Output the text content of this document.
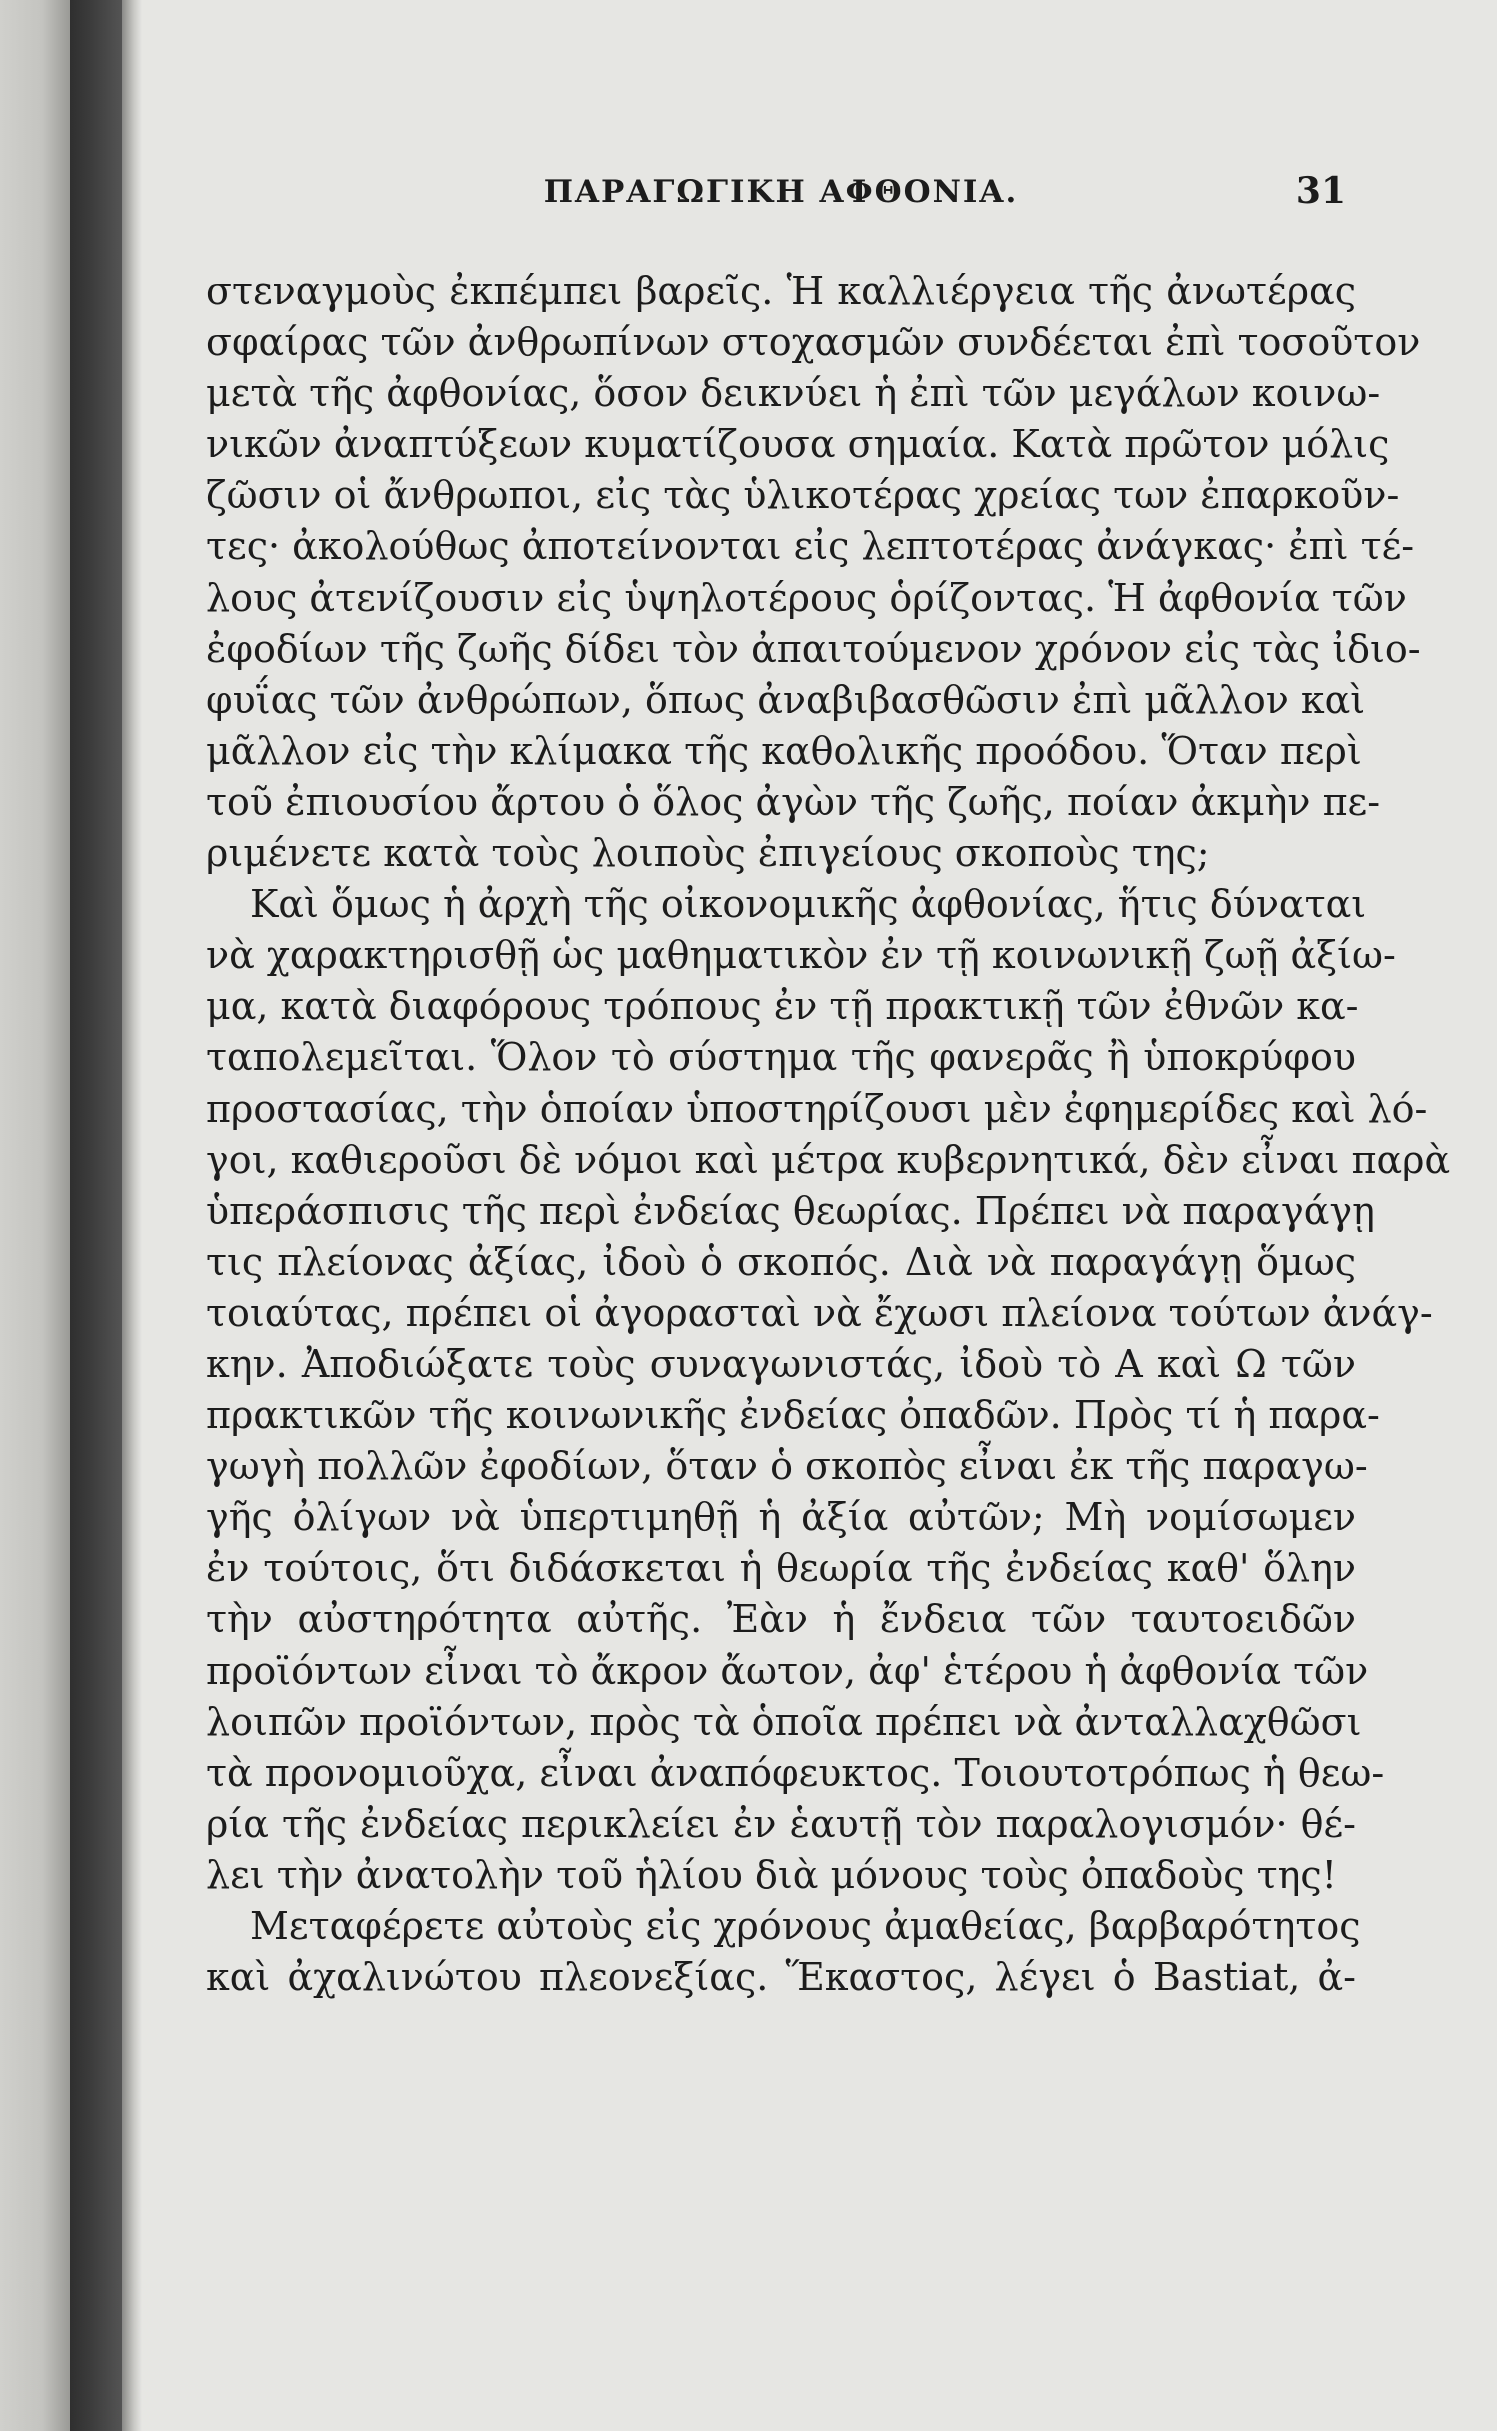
ΠΑΡΑΓΩΓΙΚΗ ΑΦΘΟΝΙΑ.	31
στεναγμοὺς ἐκπέμπει βαρεῖς. Ἡ καλλιέργεια τῆς ἀνωτέρας
σφαίρας τῶν ἀνθρωπίνων στοχασμῶν συνδέεται ἐπὶ τοσοῦτον
μετὰ τῆς ἀφθονίας, ὅσον δεικνύει ἡ ἐπὶ τῶν μεγάλων κοινω-
νικῶν ἀναπτύξεων κυματίζουσα σημαία. Κατὰ πρῶτον μόλις
ζῶσιν οἱ ἄνθρωποι, εἰς τὰς ὑλικοτέρας χρείας των ἐπαρκοῦν-
τες· ἀκολούθως ἀποτείνονται εἰς λεπτοτέρας ἀνάγκας· ἐπὶ τέ-
λους ἀτενίζουσιν εἰς ὑψηλοτέρους ὁρίζοντας. Ἡ ἀφθονία τῶν
ἐφοδίων τῆς ζωῆς δίδει τὸν ἀπαιτούμενον χρόνον εἰς τὰς ἰδιο-
φυΐας τῶν ἀνθρώπων, ὅπως ἀναβιβασθῶσιν ἐπὶ μᾶλλον καὶ
μᾶλλον εἰς τὴν κλίμακα τῆς καθολικῆς προόδου. Ὅταν περὶ
τοῦ ἐπιουσίου ἄρτου ὁ ὅλος ἀγὼν τῆς ζωῆς, ποίαν ἀκμὴν πε-
ριμένετε κατὰ τοὺς λοιποὺς ἐπιγείους σκοποὺς της;
Καὶ ὅμως ἡ ἀρχὴ τῆς οἰκονομικῆς ἀφθονίας, ἥτις δύναται
νὰ χαρακτηρισθῇ ὡς μαθηματικὸν ἐν τῇ κοινωνικῇ ζωῇ ἀξίω-
μα, κατὰ διαφόρους τρόπους ἐν τῇ πρακτικῇ τῶν ἐθνῶν κα-
ταπολεμεῖται. Ὅλον τὸ σύστημα τῆς φανερᾶς ἢ ὑποκρύφου
προστασίας, τὴν ὁποίαν ὑποστηρίζουσι μὲν ἐφημερίδες καὶ λό-
γοι, καθιεροῦσι δὲ νόμοι καὶ μέτρα κυβερνητικά, δὲν εἶναι παρὰ
ὑπεράσπισις τῆς περὶ ἐνδείας θεωρίας. Πρέπει νὰ παραγάγῃ
τις πλείονας ἀξίας, ἰδοὺ ὁ σκοπός. Διὰ νὰ παραγάγῃ ὅμως
τοιαύτας, πρέπει οἱ ἀγορασταὶ νὰ ἔχωσι πλείονα τούτων ἀνάγ-
κην. Ἀποδιώξατε τοὺς συναγωνιστάς, ἰδοὺ τὸ Α καὶ Ω τῶν
πρακτικῶν τῆς κοινωνικῆς ἐνδείας ὀπαδῶν. Πρὸς τί ἡ παρα-
γωγὴ πολλῶν ἐφοδίων, ὅταν ὁ σκοπὸς εἶναι ἐκ τῆς παραγω-
γῆς ὀλίγων νὰ ὑπερτιμηθῇ ἡ ἀξία αὐτῶν; Μὴ νομίσωμεν
ἐν τούτοις, ὅτι διδάσκεται ἡ θεωρία τῆς ἐνδείας καθ' ὅλην
τὴν αὐστηρότητα αὐτῆς. Ἐὰν ἡ ἔνδεια τῶν ταυτοειδῶν
προϊόντων εἶναι τὸ ἄκρον ἄωτον, ἀφ' ἑτέρου ἡ ἀφθονία τῶν
λοιπῶν προϊόντων, πρὸς τὰ ὁποῖα πρέπει νὰ ἀνταλλαχθῶσι
τὰ προνομιοῦχα, εἶναι ἀναπόφευκτος. Τοιουτοτρόπως ἡ θεω-
ρία τῆς ἐνδείας περικλείει ἐν ἑαυτῇ τὸν παραλογισμόν· θέ-
λει τὴν ἀνατολὴν τοῦ ἡλίου διὰ μόνους τοὺς ὀπαδοὺς της!
Μεταφέρετε αὐτοὺς εἰς χρόνους ἀμαθείας, βαρβαρότητος
καὶ ἀχαλινώτου πλεονεξίας. Ἕκαστος, λέγει ὁ Bastiat, ἀ-
